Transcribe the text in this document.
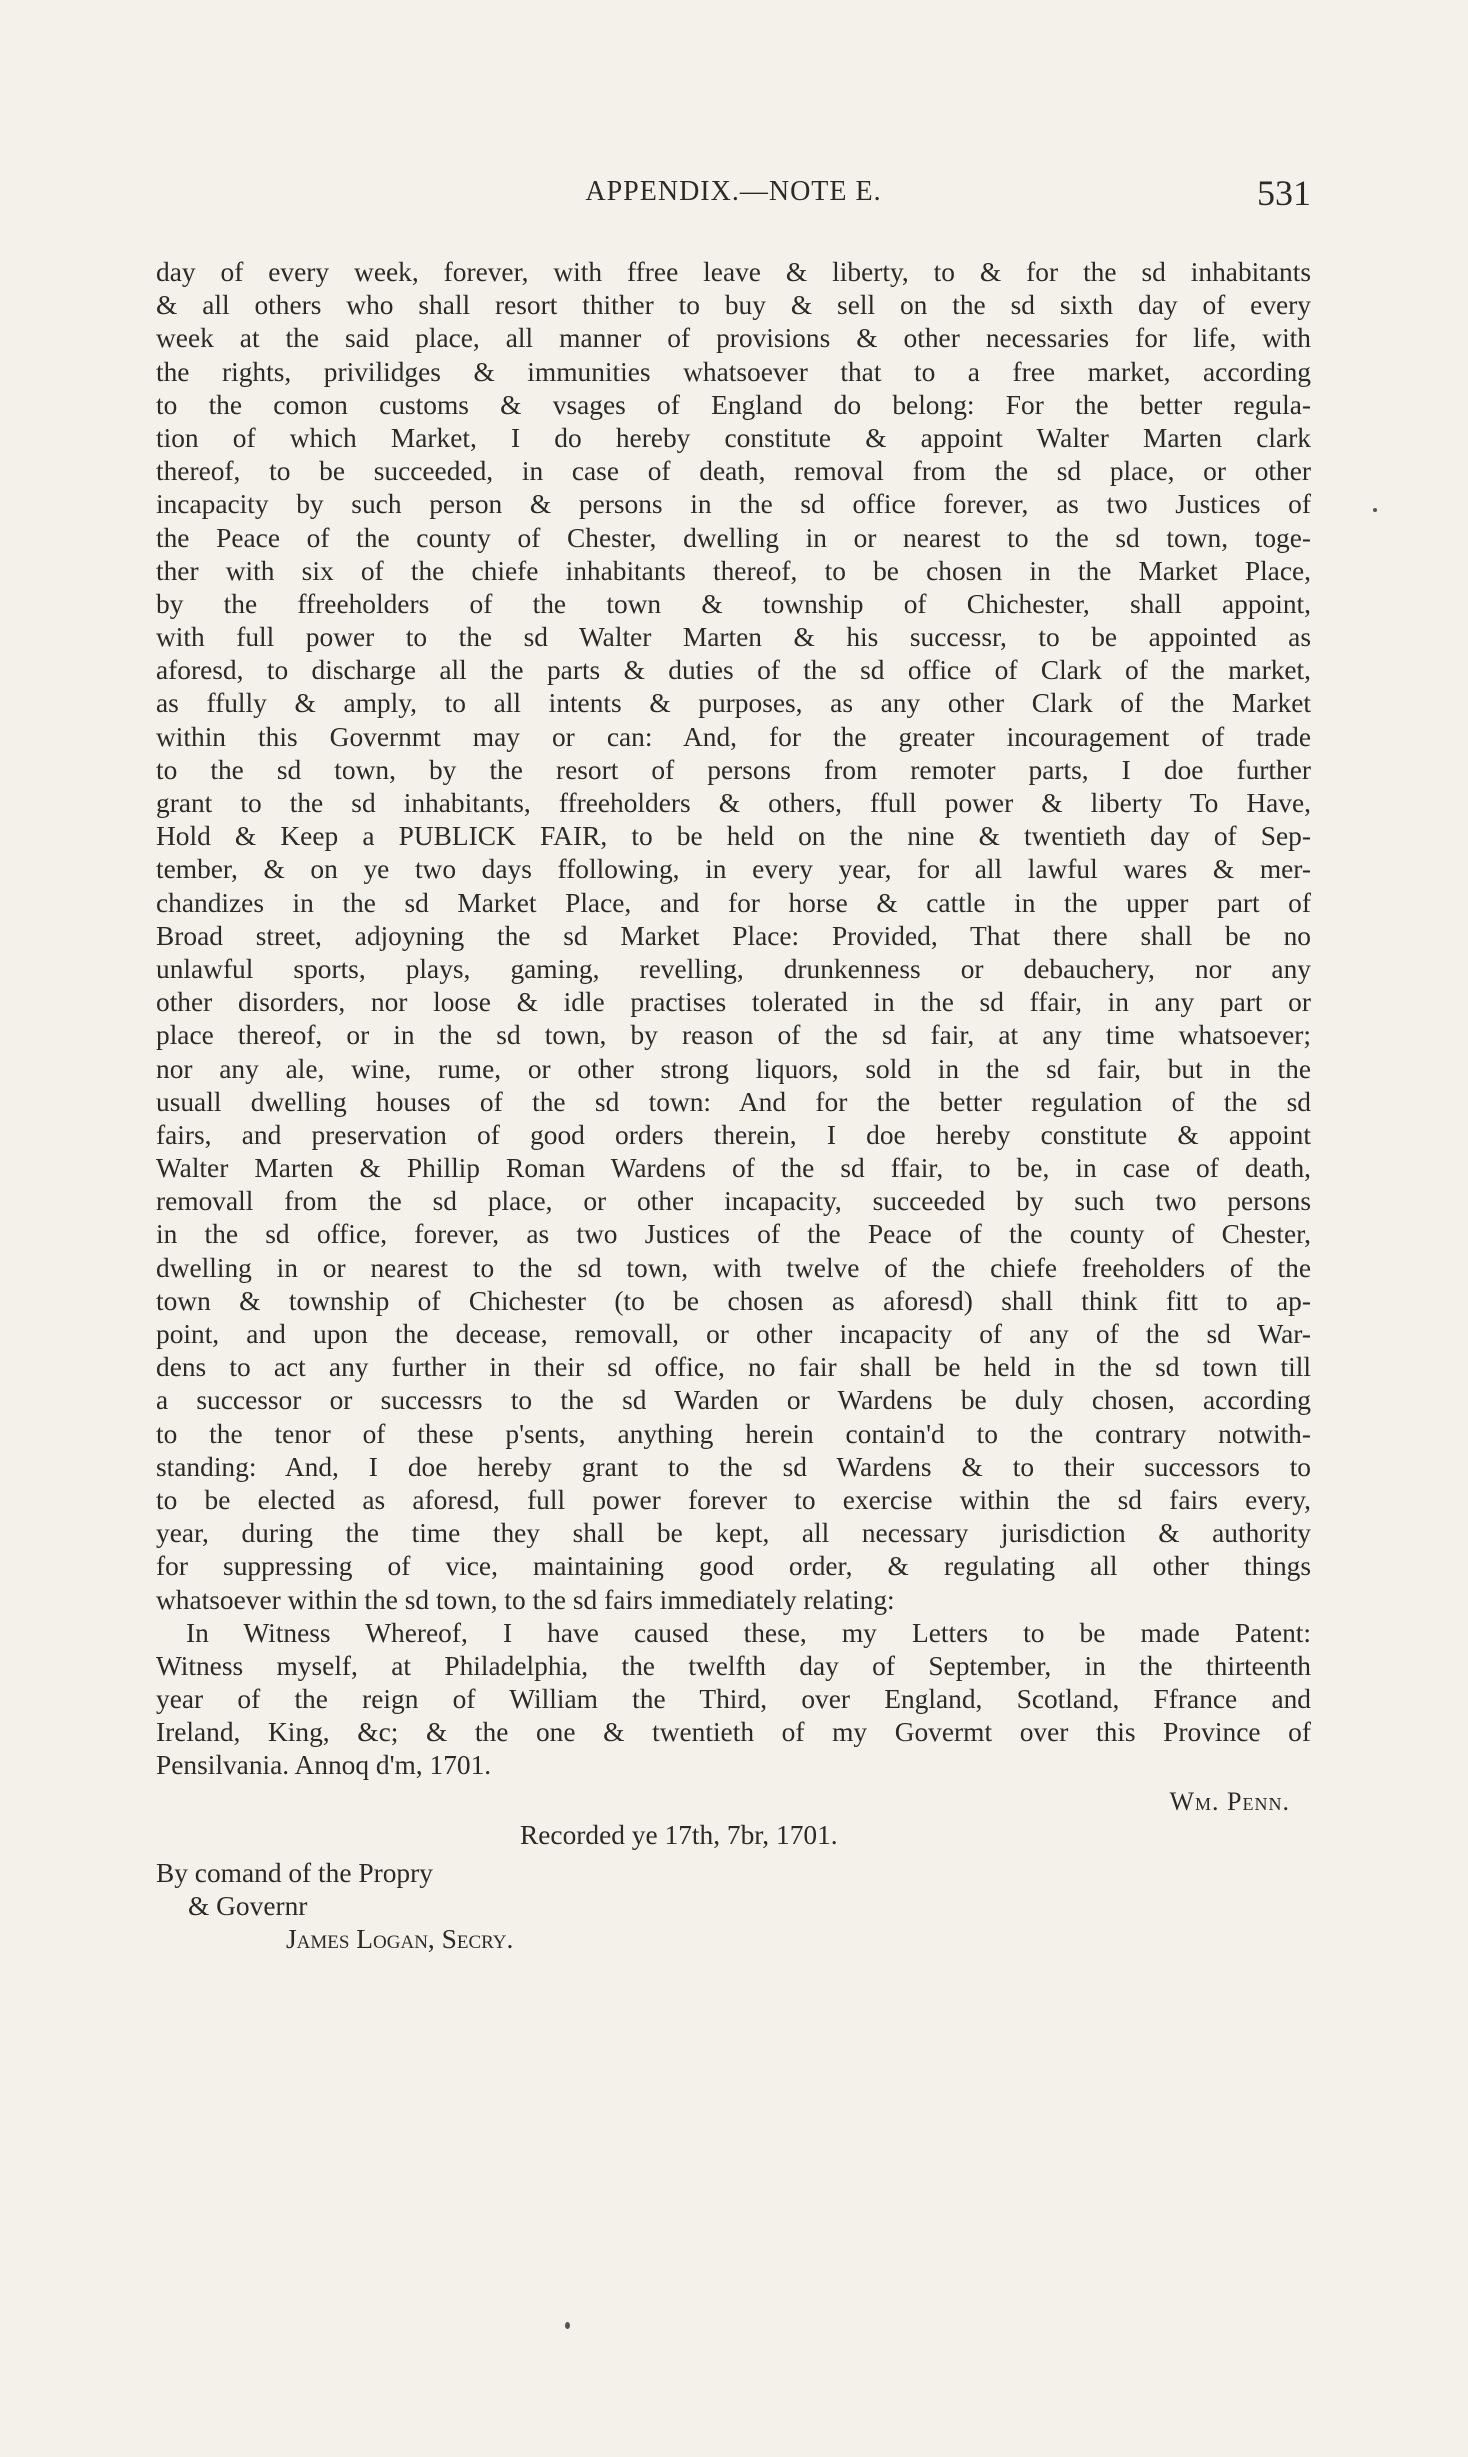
APPENDIX.—NOTE E.	531
day of every week, forever, with ffree leave & liberty, to & for the sd inhabitants
& all others who shall resort thither to buy & sell on the sd sixth day of every
week at the said place, all manner of provisions & other necessaries for life, with
the rights, privilidges & immunities whatsoever that to a free market, according
to the comon customs & vsages of England do belong: For the better regula-
tion of which Market, I do hereby constitute & appoint Walter Marten clark
thereof, to be succeeded, in case of death, removal from the sd place, or other
incapacity by such person & persons in the sd office forever, as two Justices of
the Peace of the county of Chester, dwelling in or nearest to the sd town, toge-
ther with six of the chiefe inhabitants thereof, to be chosen in the Market Place,
by the ffreeholders of the town & township of Chichester, shall appoint,
with full power to the sd Walter Marten & his successr, to be appointed as
aforesd, to discharge all the parts & duties of the sd office of Clark of the market,
as ffully & amply, to all intents & purposes, as any other Clark of the Market
within this Governmt may or can: And, for the greater incouragement of trade
to the sd town, by the resort of persons from remoter parts, I doe further
grant to the sd inhabitants, ffreeholders & others, ffull power & liberty To Have,
Hold & Keep a PUBLICK FAIR, to be held on the nine & twentieth day of Sep-
tember, & on ye two days ffollowing, in every year, for all lawful wares & mer-
chandizes in the sd Market Place, and for horse & cattle in the upper part of
Broad street, adjoyning the sd Market Place: Provided, That there shall be no
unlawful sports, plays, gaming, revelling, drunkenness or debauchery, nor any
other disorders, nor loose & idle practises tolerated in the sd ffair, in any part or
place thereof, or in the sd town, by reason of the sd fair, at any time whatsoever;
nor any ale, wine, rume, or other strong liquors, sold in the sd fair, but in the
usuall dwelling houses of the sd town: And for the better regulation of the sd
fairs, and preservation of good orders therein, I doe hereby constitute & appoint
Walter Marten & Phillip Roman Wardens of the sd ffair, to be, in case of death,
removall from the sd place, or other incapacity, succeeded by such two persons
in the sd office, forever, as two Justices of the Peace of the county of Chester,
dwelling in or nearest to the sd town, with twelve of the chiefe freeholders of the
town & township of Chichester (to be chosen as aforesd) shall think fitt to ap-
point, and upon the decease, removall, or other incapacity of any of the sd War-
dens to act any further in their sd office, no fair shall be held in the sd town till
a successor or successrs to the sd Warden or Wardens be duly chosen, according
to the tenor of these p'sents, anything herein contain'd to the contrary notwith-
standing: And, I doe hereby grant to the sd Wardens & to their successors to
to be elected as aforesd, full power forever to exercise within the sd fairs every,
year, during the time they shall be kept, all necessary jurisdiction & authority
for suppressing of vice, maintaining good order, & regulating all other things
whatsoever within the sd town, to the sd fairs immediately relating:
In Witness Whereof, I have caused these, my Letters to be made Patent:
Witness myself, at Philadelphia, the twelfth day of September, in the thirteenth
year of the reign of William the Third, over England, Scotland, Ffrance and
Ireland, King, &c; & the one & twentieth of my Govermt over this Province of
Pensilvania. Annoq d'm, 1701.
Wm. Penn.
Recorded ye 17th, 7br, 1701.
By comand of the Propry
& Governr
James Logan, Secry.
